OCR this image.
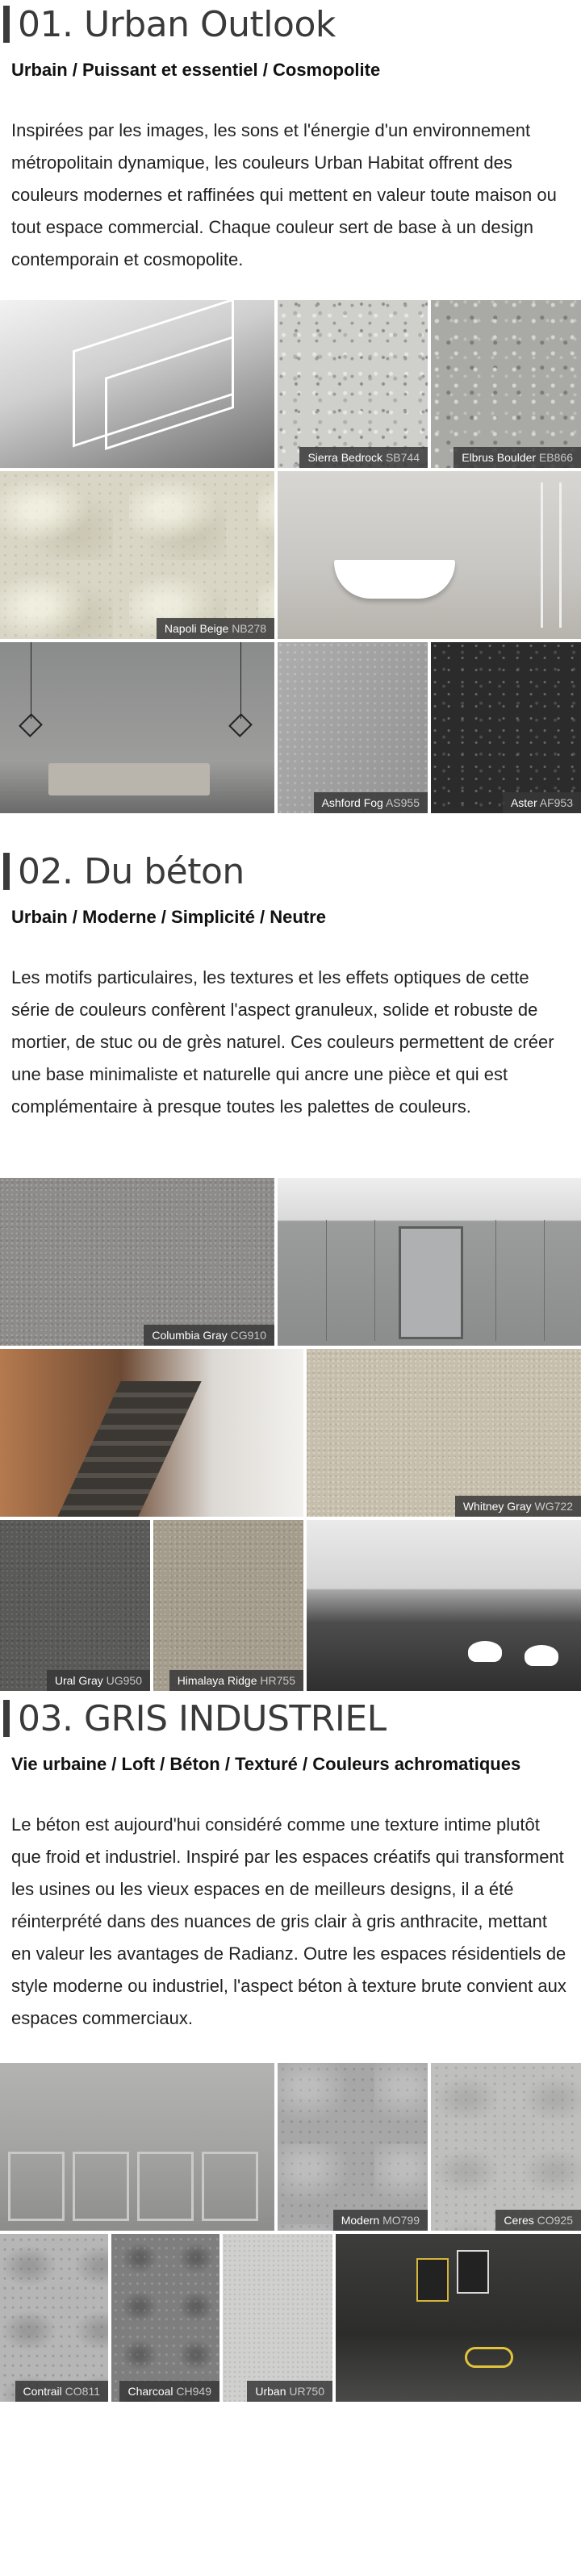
01. Urban Outlook
Urbain / Puissant et essentiel / Cosmopolite
Inspirées par les images, les sons et l'énergie d'un environnement métropolitain dynamique, les couleurs Urban Habitat offrent des couleurs modernes et raffinées qui mettent en valeur toute maison ou tout espace commercial. Chaque couleur sert de base à un design contemporain et cosmopolite.
Sierra Bedrock SB744	Elbrus Boulder EB866
Napoli Beige NB278
Ashford Fog AS955	Aster AF953
02. Du béton
Urbain / Moderne / Simplicité / Neutre
Les motifs particulaires, les textures et les effets optiques de cette série de couleurs confèrent l'aspect granuleux, solide et robuste de mortier, de stuc ou de grès naturel. Ces couleurs permettent de créer une base minimaliste et naturelle qui ancre une pièce et qui est complémentaire à presque toutes les palettes de couleurs.
Columbia Gray CG910
Whitney Gray WG722
Ural Gray UG950	Himalaya Ridge HR755
03. GRIS INDUSTRIEL
Vie urbaine / Loft / Béton / Texturé / Couleurs achromatiques
Le béton est aujourd'hui considéré comme une texture intime plutôt que froid et industriel. Inspiré par les espaces créatifs qui transforment les usines ou les vieux espaces en de meilleurs designs, il a été réinterprété dans des nuances de gris clair à gris anthracite, mettant en valeur les avantages de Radianz. Outre les espaces résidentiels de style moderne ou industriel, l'aspect béton à texture brute convient aux espaces commerciaux.
Modern MO799	Ceres CO925
Contrail CO811	Charcoal CH949	Urban UR750
